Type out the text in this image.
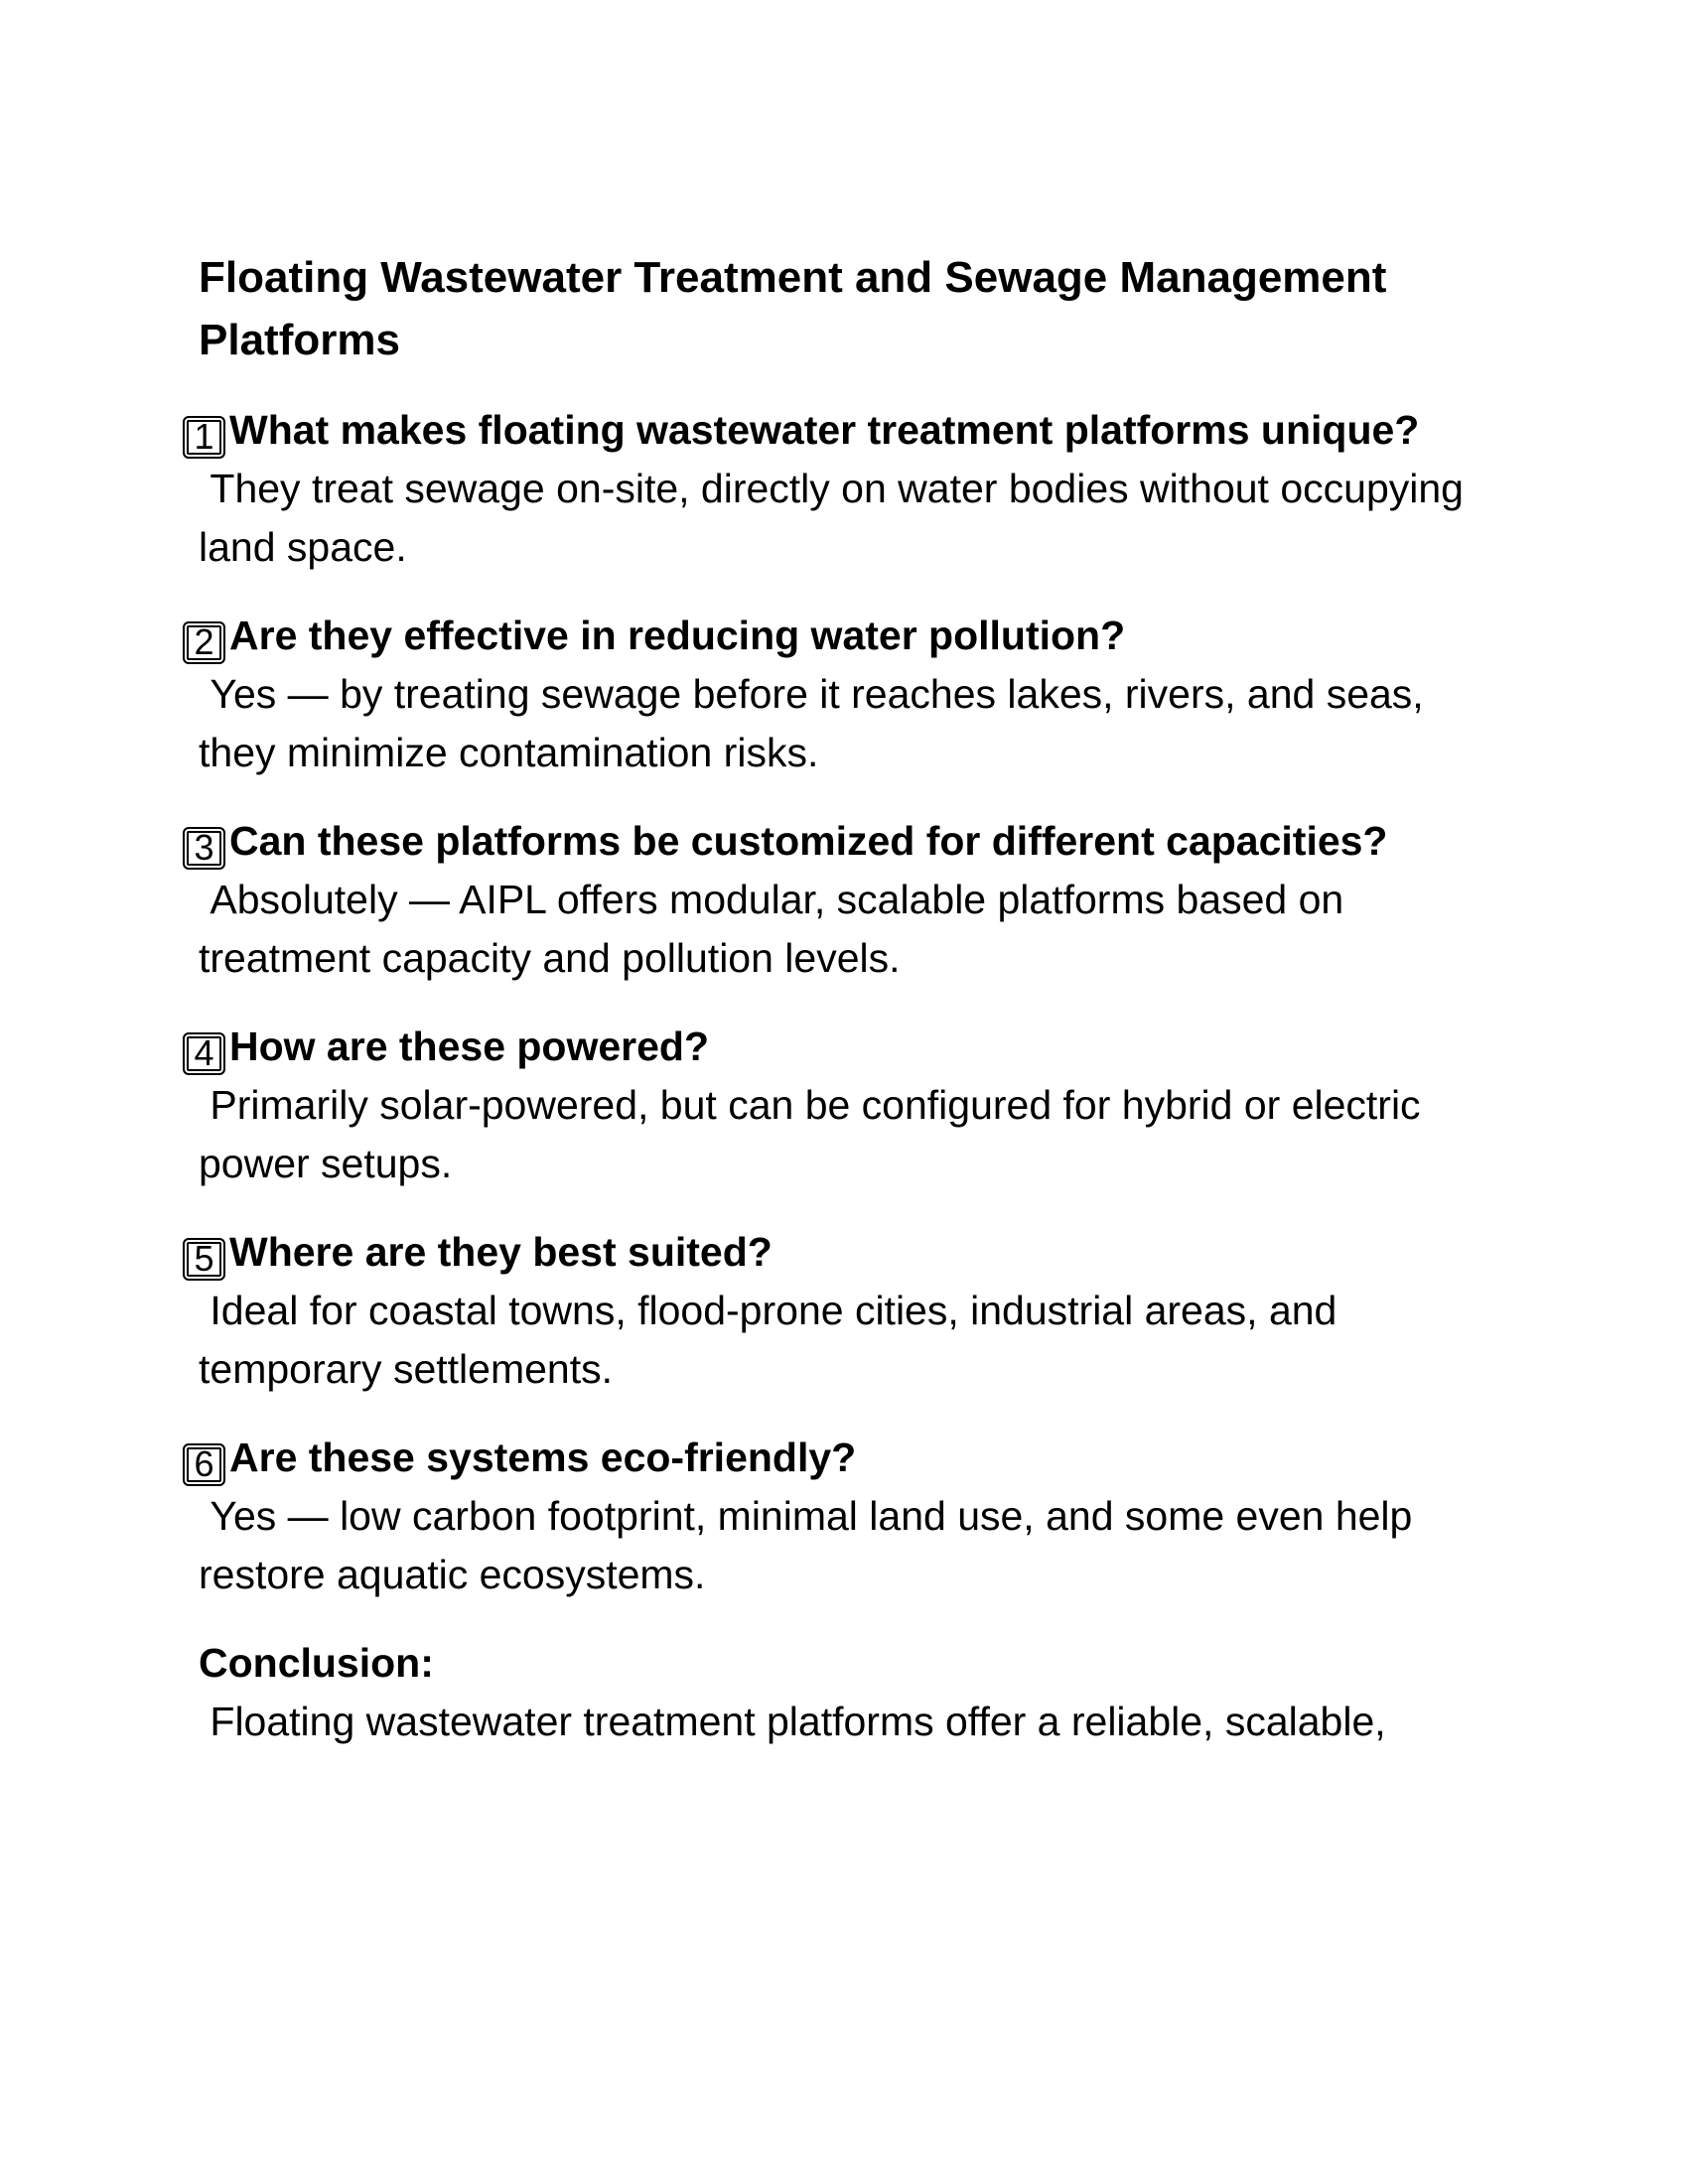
Floating Wastewater Treatment and Sewage Management Platforms

1 What makes floating wastewater treatment platforms unique?

They treat sewage on-site, directly on water bodies without occupying land space.

2 Are they effective in reducing water pollution?

Yes — by treating sewage before it reaches lakes, rivers, and seas, they minimize contamination risks.

3 Can these platforms be customized for different capacities?

Absolutely — AIPL offers modular, scalable platforms based on treatment capacity and pollution levels.

4 How are these powered?

Primarily solar-powered, but can be configured for hybrid or electric power setups.

5 Where are they best suited?

Ideal for coastal towns, flood-prone cities, industrial areas, and temporary settlements.

6 Are these systems eco-friendly?

Yes — low carbon footprint, minimal land use, and some even help restore aquatic ecosystems.

Conclusion:

Floating wastewater treatment platforms offer a reliable, scalable,
